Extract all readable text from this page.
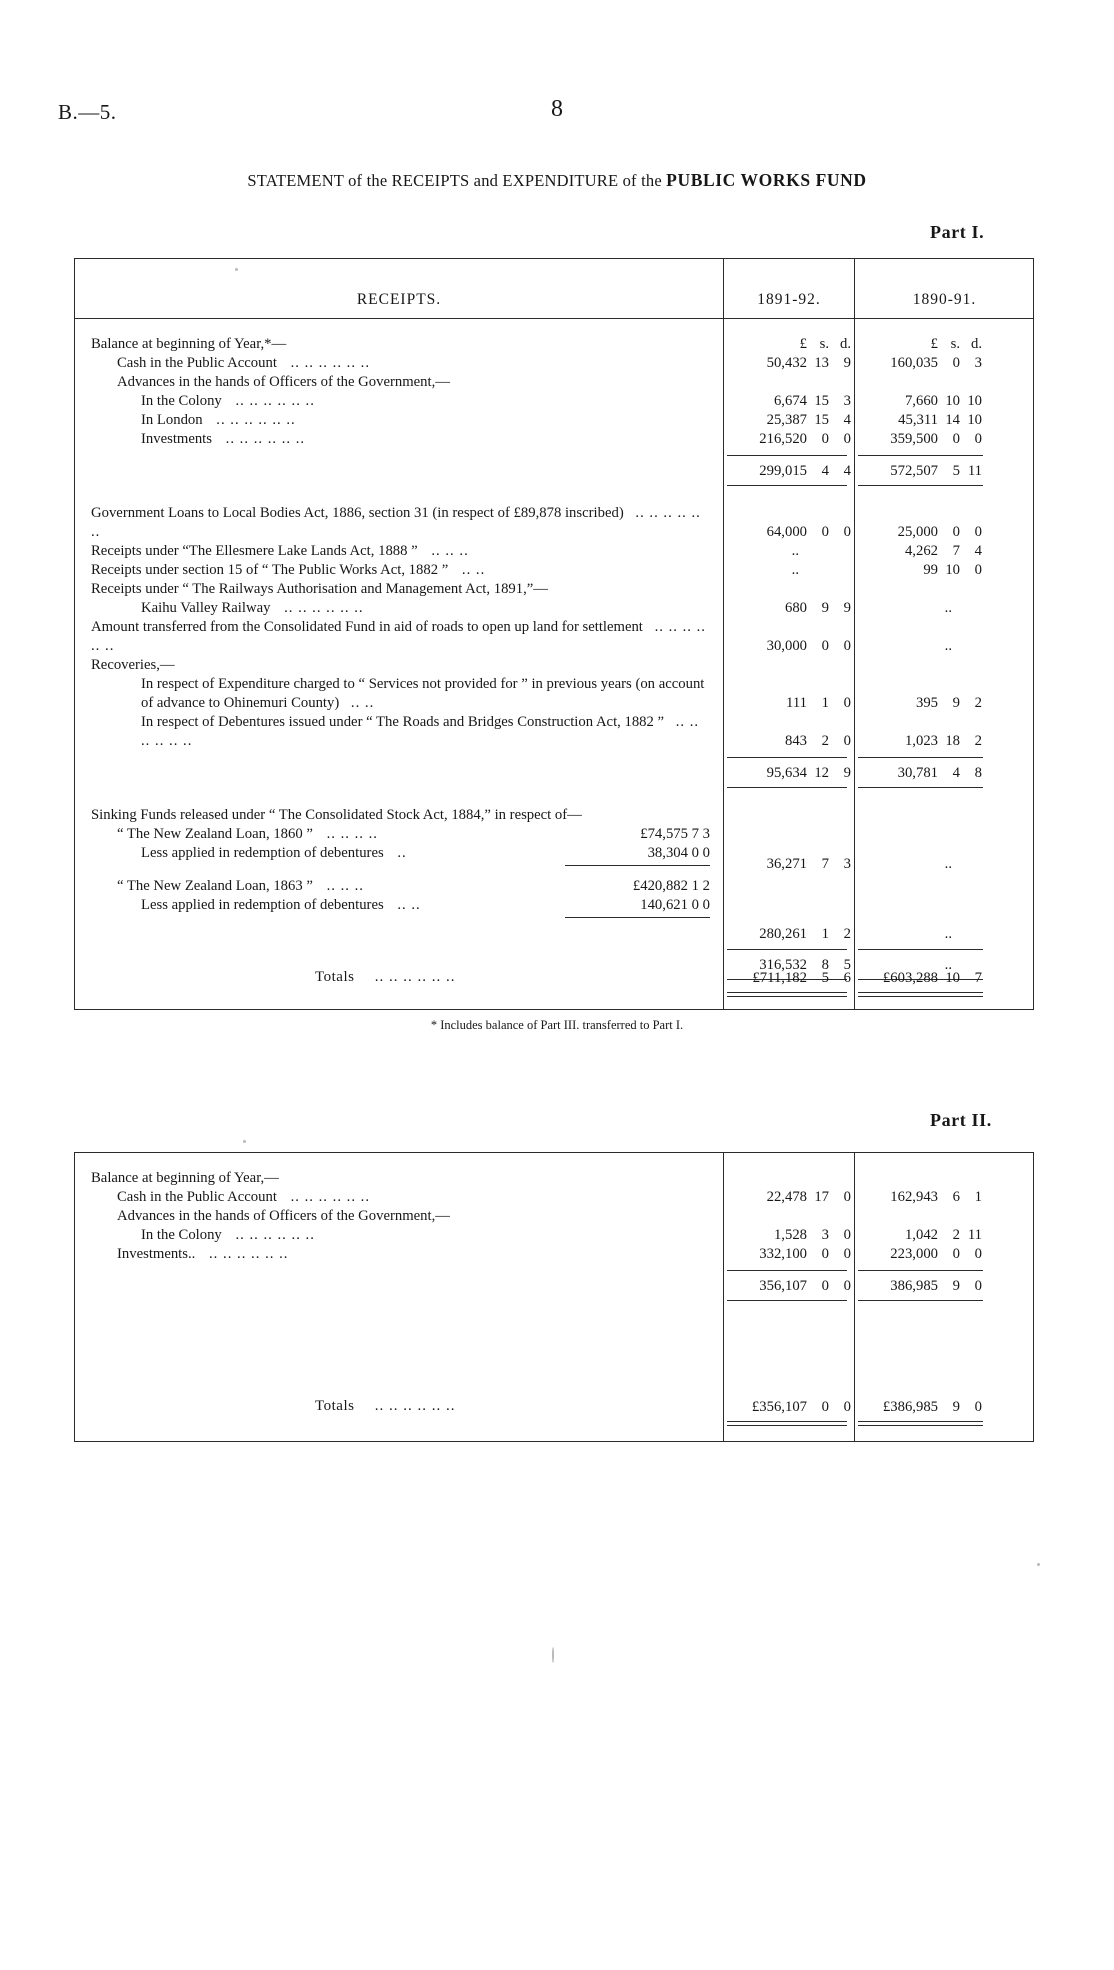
B.—5.	8
STATEMENT of the RECEIPTS and EXPENDITURE of the PUBLIC WORKS FUND
Part I.
Part II.
RECEIPTS.	1891-92.	1890-91.
£ s. d.	£ s. d.
Balance at beginning of Year,*—
Cash in the Public Account .. .. .. .. .. ..	50,432 13 9	160,035 0 3
Advances in the hands of Officers of the Government,—
In the Colony .. .. .. .. .. ..	6,674 15 3	7,660 10 10
In London .. .. .. .. .. ..	25,387 15 4	45,311 14 10
Investments .. .. .. .. .. ..	216,520 0 0	359,500 0 0
299,015 4 4	572,507 5 11
Government Loans to Local Bodies Act, 1886, section 31 (in respect of £89,878 inscribed) .. .. .. .. .. ..	64,000 0 0	25,000 0 0
Receipts under “The Ellesmere Lake Lands Act, 1888 ” .. .. ..	..	4,262 7 4
Receipts under section 15 of “ The Public Works Act, 1882 ” .. ..	..	99 10 0
Receipts under “ The Railways Authorisation and Management Act, 1891,”—
Kaihu Valley Railway .. .. .. .. .. ..	680 9 9	..
Amount transferred from the Consolidated Fund in aid of roads to open up land for settlement .. .. .. .. .. ..	30,000 0 0	..
Recoveries,—
In respect of Expenditure charged to “ Services not provided for ” in previous years (on account of advance to Ohinemuri County) .. ..	111 1 0	395 9 2
In respect of Debentures issued under “ The Roads and Bridges Construction Act, 1882 ” .. .. .. .. .. ..	843 2 0	1,023 18 2
95,634 12 9	30,781 4 8
Sinking Funds released under “ The Consolidated Stock Act, 1884,” in respect of—
“ The New Zealand Loan, 1860 ” .. .. .. ..	£74,575 7 3
Less applied in redemption of debentures ..	38,304 0 0
36,271 7 3	..
“ The New Zealand Loan, 1863 ” .. .. ..	£420,882 1 2
Less applied in redemption of debentures .. ..	140,621 0 0
280,261 1 2	..
316,532 8 5	..
Totals .. .. .. .. .. ..	£711,182 5 6	£603,288 10 7
* Includes balance of Part III. transferred to Part I.
Balance at beginning of Year,—
Cash in the Public Account .. .. .. .. .. ..	22,478 17 0	162,943 6 1
Advances in the hands of Officers of the Government,—
In the Colony .. .. .. .. .. ..	1,528 3 0	1,042 2 11
Investments.. .. .. .. .. .. ..	332,100 0 0	223,000 0 0
356,107 0 0	386,985 9 0
Totals .. .. .. .. .. ..	£356,107 0 0	£386,985 9 0
